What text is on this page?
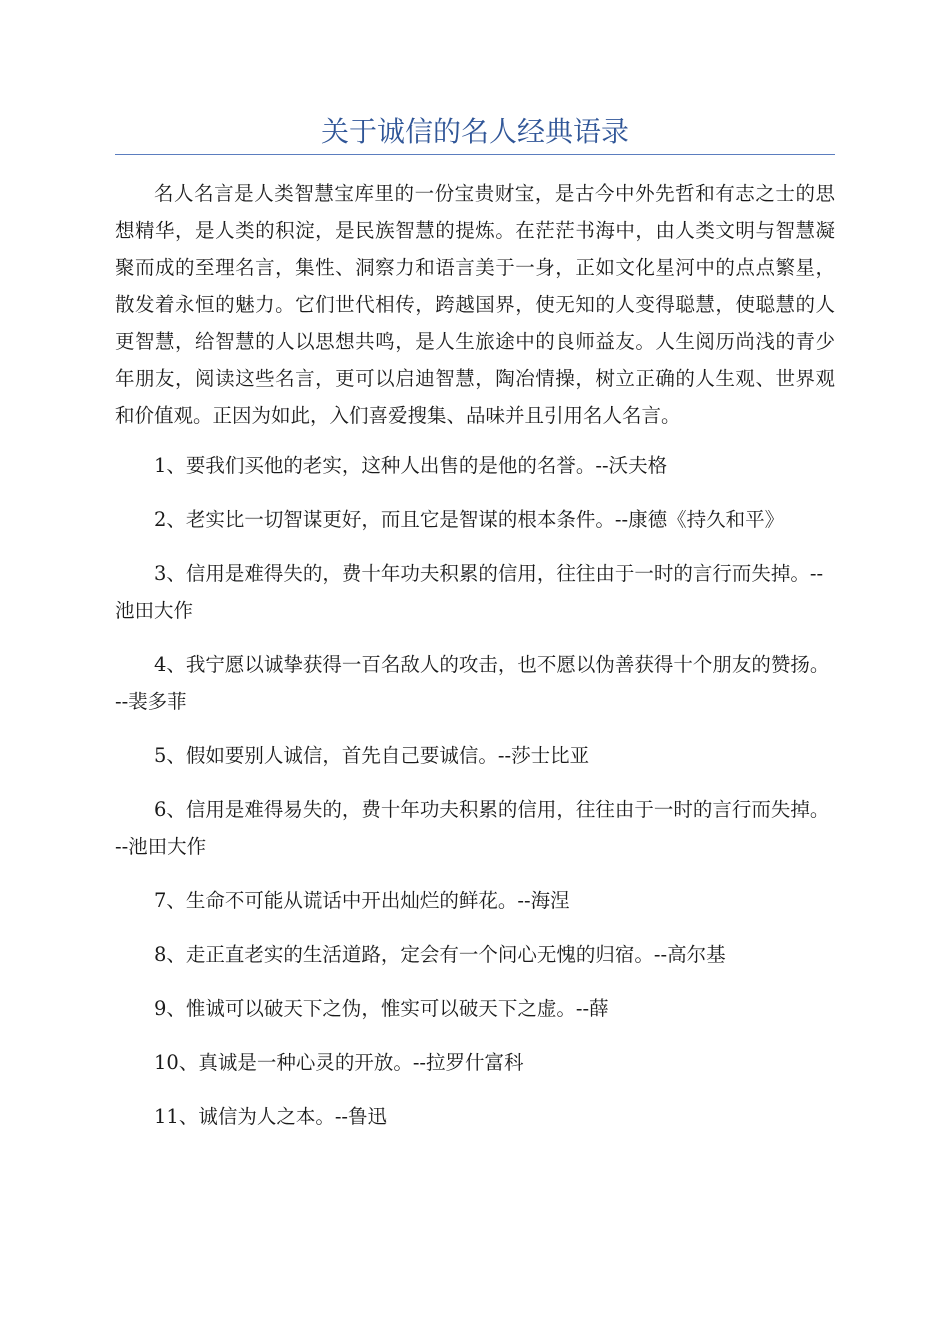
关于诚信的名人经典语录

名人名言是人类智慧宝库里的一份宝贵财宝，是古今中外先哲和有志之士的思想精华，是人类的积淀，是民族智慧的提炼。在茫茫书海中，由人类文明与智慧凝聚而成的至理名言，集性、洞察力和语言美于一身，正如文化星河中的点点繁星，散发着永恒的魅力。它们世代相传，跨越国界，使无知的人变得聪慧，使聪慧的人更智慧，给智慧的人以思想共鸣，是人生旅途中的良师益友。人生阅历尚浅的青少年朋友，阅读这些名言，更可以启迪智慧，陶冶情操，树立正确的人生观、世界观和价值观。正因为如此，入们喜爱搜集、品味并且引用名人名言。

1、要我们买他的老实，这种人出售的是他的名誉。--沃夫格

2、老实比一切智谋更好，而且它是智谋的根本条件。--康德《持久和平》

3、信用是难得失的，费十年功夫积累的信用，往往由于一时的言行而失掉。--池田大作

4、我宁愿以诚挚获得一百名敌人的攻击，也不愿以伪善获得十个朋友的赞扬。--裴多菲

5、假如要别人诚信，首先自己要诚信。--莎士比亚

6、信用是难得易失的，费十年功夫积累的信用，往往由于一时的言行而失掉。--池田大作

7、生命不可能从谎话中开出灿烂的鲜花。--海涅

8、走正直老实的生活道路，定会有一个问心无愧的归宿。--高尔基

9、惟诚可以破天下之伪，惟实可以破天下之虚。--薛

10、真诚是一种心灵的开放。--拉罗什富科

11、诚信为人之本。--鲁迅
